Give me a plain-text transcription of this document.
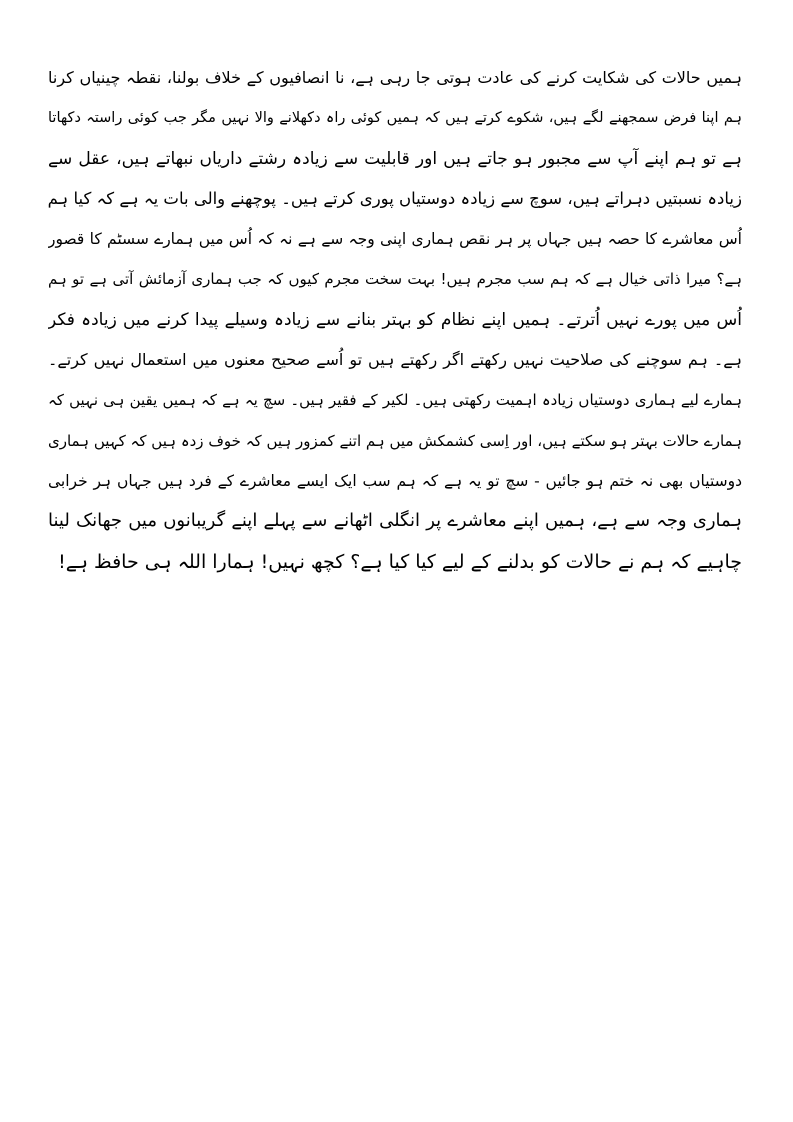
ہمیں حالات کی شکایت کرنے کی عادت ہوتی جا رہی ہے، نا انصافیوں کے خلاف بولنا، نقطہ چینیاں کرنا
ہم اپنا فرض سمجھنے لگے ہیں، شکوے کرتے ہیں کہ ہمیں کوئی راہ دکھلانے والا نہیں مگر جب کوئی راستہ دکھاتا
ہے تو ہم اپنے آپ سے مجبور ہو جاتے ہیں اور قابلیت سے زیادہ رشتے داریاں نبھاتے ہیں، عقل سے
زیادہ نسبتیں دہراتے ہیں، سوچ سے زیادہ دوستیاں پوری کرتے ہیں۔ پوچھنے والی بات یہ ہے کہ کیا ہم
اُس معاشرے کا حصہ ہیں جہاں پر ہر نقص ہماری اپنی وجہ سے ہے نہ کہ اُس میں ہمارے سسٹم کا قصور
ہے؟ میرا ذاتی خیال ہے کہ ہم سب مجرم ہیں! بہت سخت مجرم کیوں کہ جب ہماری آزمائش آتی ہے تو ہم
اُس میں پورے نہیں اُترتے۔ ہمیں اپنے نظام کو بہتر بنانے سے زیادہ وسیلے پیدا کرنے میں زیادہ فکر
ہے۔ ہم سوچنے کی صلاحیت نہیں رکھتے اگر رکھتے ہیں تو اُسے صحیح معنوں میں استعمال نہیں کرتے۔
ہمارے لیے ہماری دوستیاں زیادہ اہمیت رکھتی ہیں۔ لکیر کے فقیر ہیں۔ سچ یہ ہے کہ ہمیں یقین ہی نہیں کہ
ہمارے حالات بہتر ہو سکتے ہیں، اور اِسی کشمکش میں ہم اتنے کمزور ہیں کہ خوف زدہ ہیں کہ کہیں ہماری
دوستیاں بھی نہ ختم ہو جائیں - سچ تو یہ ہے کہ ہم سب ایک ایسے معاشرے کے فرد ہیں جہاں ہر خرابی
ہماری وجہ سے ہے، ہمیں اپنے معاشرے پر انگلی اٹھانے سے پہلے اپنے گریبانوں میں جھانک لینا
چاہیے کہ ہم نے حالات کو بدلنے کے لیے کیا کیا ہے؟ کچھ نہیں! ہمارا اللہ ہی حافظ ہے!
